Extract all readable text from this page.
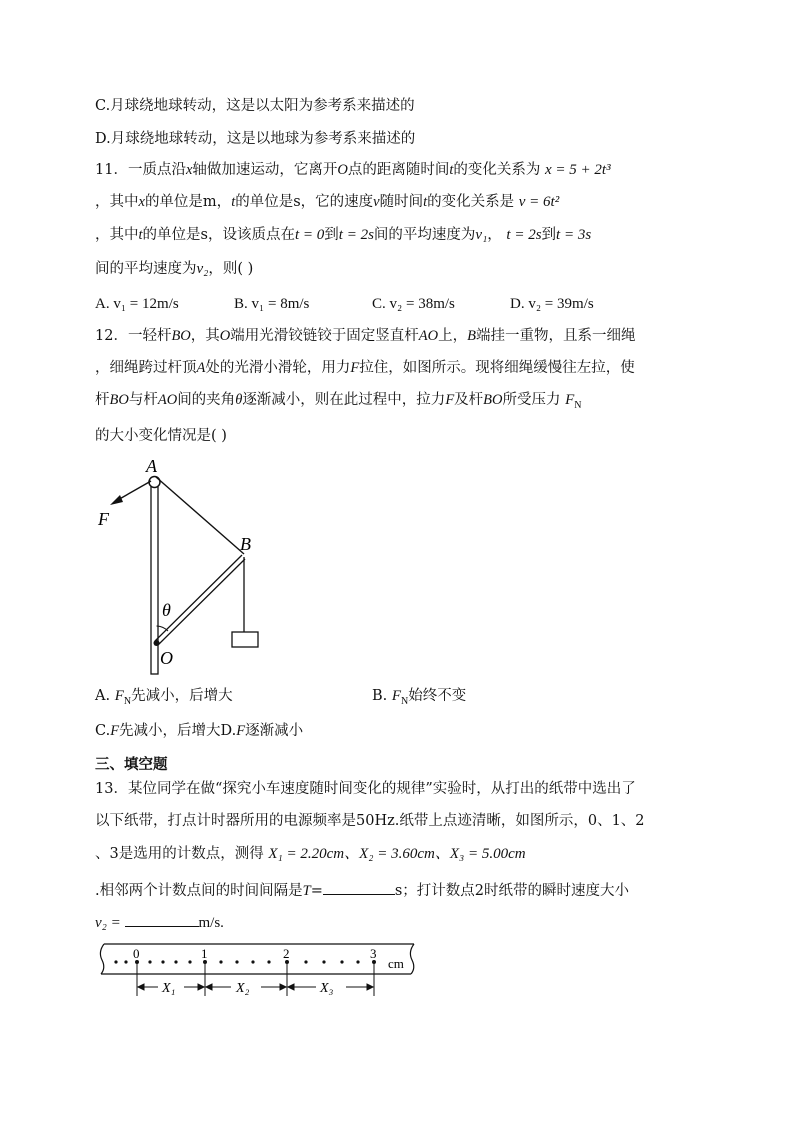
C.月球绕地球转动，这是以太阳为参考系来描述的
D.月球绕地球转动，这是以地球为参考系来描述的
11．一质点沿x轴做加速运动，它离开O点的距离随时间t的变化关系为 x = 5 + 2t³
，其中x的单位是m，t的单位是s，它的速度v随时间t的变化关系是 v = 6t²
，其中t的单位是s，设该质点在t = 0到t = 2s间的平均速度为v₁， t = 2s到t = 3s
间的平均速度为v₂，则( )
A. v₁ = 12m/s	B. v₁ = 8m/s	C. v₂ = 38m/s	D. v₂ = 39m/s
12．一轻杆BO，其O端用光滑铰链铰于固定竖直杆AO上，B端挂一重物，且系一细绳
，细绳跨过杆顶A处的光滑小滑轮，用力F拉住，如图所示。现将细绳缓慢往左拉，使
杆BO与杆AO间的夹角θ逐渐减小，则在此过程中，拉力F及杆BO所受压力 $F_N$
的大小变化情况是( )
A
F
B
θ
O
A. $F_N$先减小，后增大	B. $F_N$始终不变
C.F先减小，后增大D.F逐渐减小
三、填空题
13．某位同学在做“探究小车速度随时间变化的规律”实验时，从打出的纸带中选出了
以下纸带，打点计时器所用的电源频率是50Hz.纸带上点迹清晰，如图所示，0、1、2
、3是选用的计数点，测得 X₁ = 2.20cm、X₂ = 3.60cm、X₃ = 5.00cm
.相邻两个计数点间的时间间隔是T=	s；打计数点2时纸带的瞬时速度大小
v₂ =	m/s.
0	1	2	3
cm
X₁	X₂	X₃
